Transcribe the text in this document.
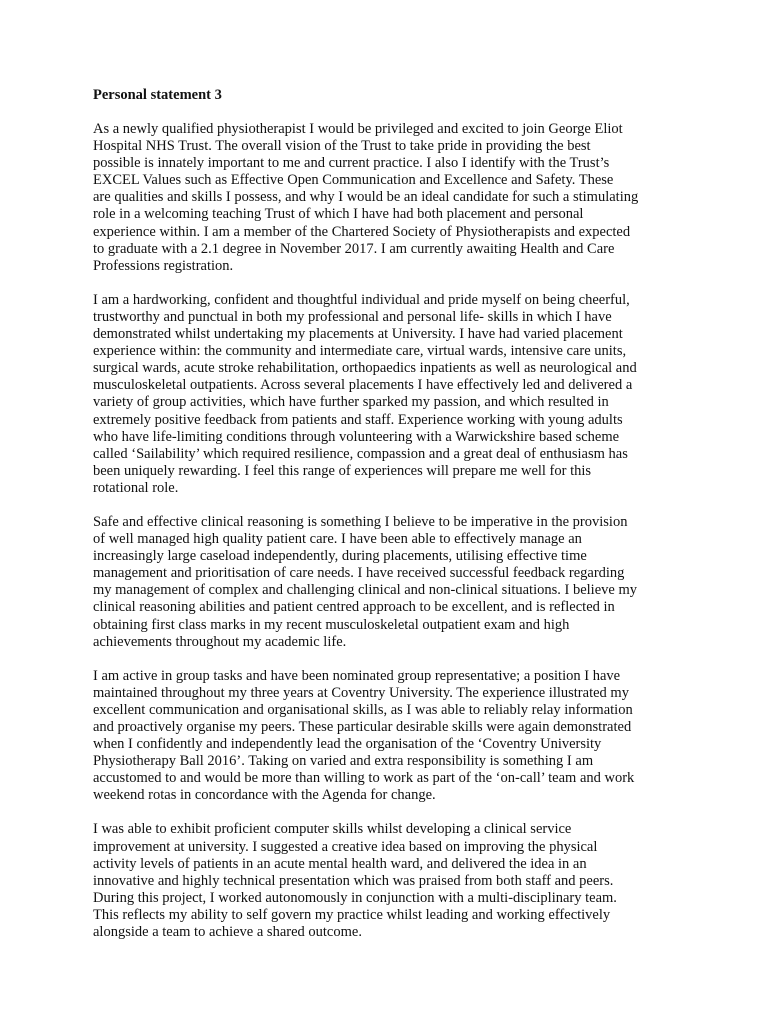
Personal statement 3
As a newly qualified physiotherapist I would be privileged and excited to join George Eliot
Hospital NHS Trust. The overall vision of the Trust to take pride in providing the best
possible is innately important to me and current practice. I also I identify with the Trust’s
EXCEL Values such as Effective Open Communication and Excellence and Safety. These
are qualities and skills I possess, and why I would be an ideal candidate for such a stimulating
role in a welcoming teaching Trust of which I have had both placement and personal
experience within. I am a member of the Chartered Society of Physiotherapists and expected
to graduate with a 2.1 degree in November 2017. I am currently awaiting Health and Care
Professions registration.
I am a hardworking, confident and thoughtful individual and pride myself on being cheerful,
trustworthy and punctual in both my professional and personal life- skills in which I have
demonstrated whilst undertaking my placements at University. I have had varied placement
experience within: the community and intermediate care, virtual wards, intensive care units,
surgical wards, acute stroke rehabilitation, orthopaedics inpatients as well as neurological and
musculoskeletal outpatients. Across several placements I have effectively led and delivered a
variety of group activities, which have further sparked my passion, and which resulted in
extremely positive feedback from patients and staff. Experience working with young adults
who have life-limiting conditions through volunteering with a Warwickshire based scheme
called ‘Sailability’ which required resilience, compassion and a great deal of enthusiasm has
been uniquely rewarding. I feel this range of experiences will prepare me well for this
rotational role.
Safe and effective clinical reasoning is something I believe to be imperative in the provision
of well managed high quality patient care. I have been able to effectively manage an
increasingly large caseload independently, during placements, utilising effective time
management and prioritisation of care needs. I have received successful feedback regarding
my management of complex and challenging clinical and non-clinical situations. I believe my
clinical reasoning abilities and patient centred approach to be excellent, and is reflected in
obtaining first class marks in my recent musculoskeletal outpatient exam and high
achievements throughout my academic life.
I am active in group tasks and have been nominated group representative; a position I have
maintained throughout my three years at Coventry University. The experience illustrated my
excellent communication and organisational skills, as I was able to reliably relay information
and proactively organise my peers. These particular desirable skills were again demonstrated
when I confidently and independently lead the organisation of the ‘Coventry University
Physiotherapy Ball 2016’. Taking on varied and extra responsibility is something I am
accustomed to and would be more than willing to work as part of the ‘on-call’ team and work
weekend rotas in concordance with the Agenda for change.
I was able to exhibit proficient computer skills whilst developing a clinical service
improvement at university. I suggested a creative idea based on improving the physical
activity levels of patients in an acute mental health ward, and delivered the idea in an
innovative and highly technical presentation which was praised from both staff and peers.
During this project, I worked autonomously in conjunction with a multi-disciplinary team.
This reflects my ability to self govern my practice whilst leading and working effectively
alongside a team to achieve a shared outcome.
